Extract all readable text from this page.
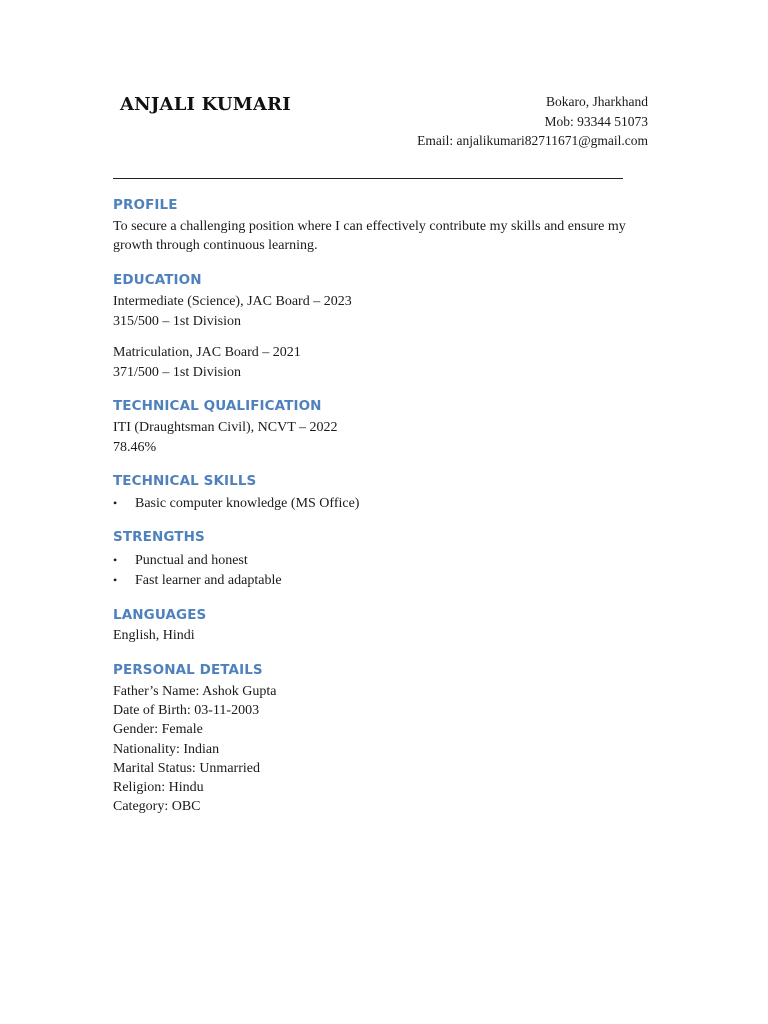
ANJALI KUMARI	Bokaro, Jharkhand
Mob: 93344 51073
Email: anjalikumari82711671@gmail.com
PROFILE
To secure a challenging position where I can effectively contribute my skills and ensure my
growth through continuous learning.
EDUCATION
Intermediate (Science), JAC Board – 2023
315/500 – 1st Division
Matriculation, JAC Board – 2021
371/500 – 1st Division
TECHNICAL QUALIFICATION
ITI (Draughtsman Civil), NCVT – 2022
78.46%
TECHNICAL SKILLS
• Basic computer knowledge (MS Office)
STRENGTHS
• Punctual and honest
• Fast learner and adaptable
LANGUAGES
English, Hindi
PERSONAL DETAILS
Father’s Name: Ashok Gupta
Date of Birth: 03-11-2003
Gender: Female
Nationality: Indian
Marital Status: Unmarried
Religion: Hindu
Category: OBC
